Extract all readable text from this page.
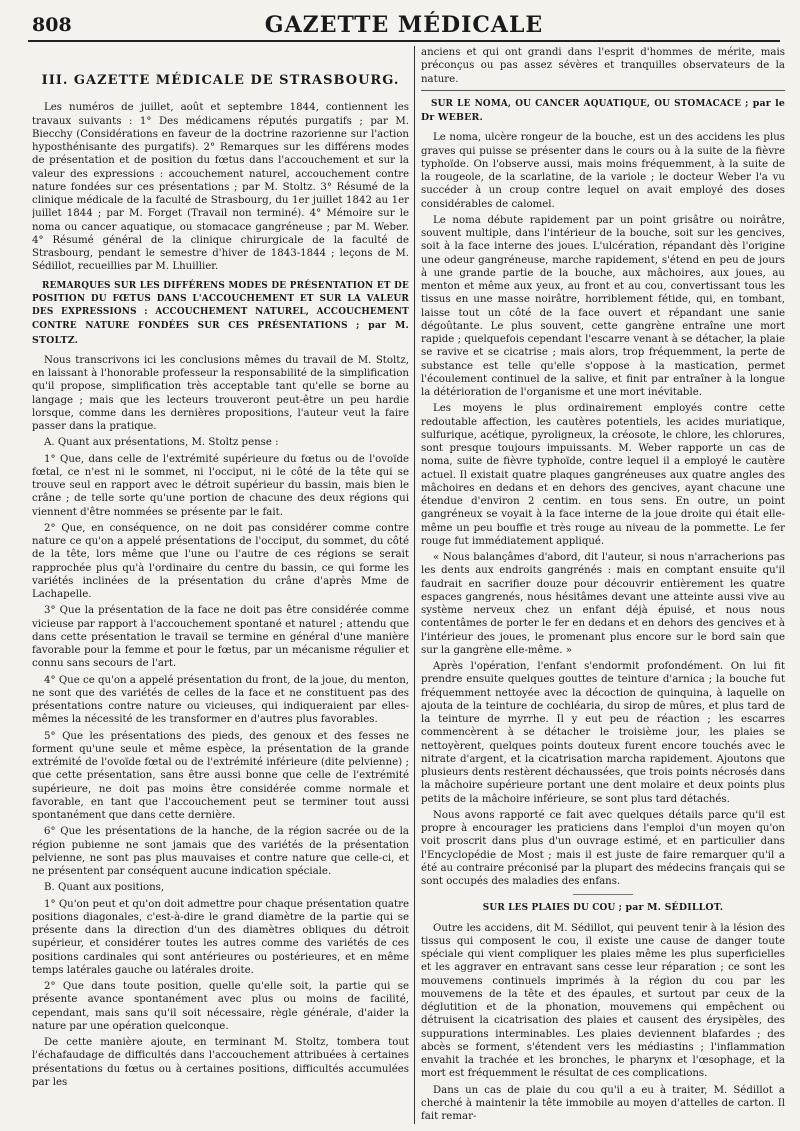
808	GAZETTE MÉDICALE
III. GAZETTE MÉDICALE DE STRASBOURG.

Les numéros de juillet, août et septembre 1844, contiennent les travaux suivants : 1° Des médicamens réputés purgatifs ; par M. Biecchy (Considérations en faveur de la doctrine razorienne sur l'action hyposthénisante des purgatifs). 2° Remarques sur les différens modes de présentation et de position du fœtus dans l'accouchement et sur la valeur des expressions : accouchement naturel, accouchement contre nature fondées sur ces présentations ; par M. Stoltz. 3° Résumé de la clinique médicale de la faculté de Strasbourg, du 1er juillet 1842 au 1er juillet 1844 ; par M. Forget (Travail non terminé). 4° Mémoire sur le noma ou cancer aquatique, ou stomacace gangréneuse ; par M. Weber. 4° Résumé général de la clinique chirurgicale de la faculté de Strasbourg, pendant le semestre d'hiver de 1843-1844 ; leçons de M. Sédillot, recueillies par M. Lhuillier.

REMARQUES SUR LES DIFFÉRENS MODES DE PRÉSENTATION ET DE POSITION DU FŒTUS DANS L'ACCOUCHEMENT ET SUR LA VALEUR DES EXPRESSIONS : ACCOUCHEMENT NATUREL, ACCOUCHEMENT CONTRE NATURE FONDÉES SUR CES PRÉSENTATIONS ; par M. STOLTZ.

Nous transcrivons ici les conclusions mêmes du travail de M. Stoltz, en laissant à l'honorable professeur la responsabilité de la simplification qu'il propose, simplification très acceptable tant qu'elle se borne au langage ; mais que les lecteurs trouveront peut-être un peu hardie lorsque, comme dans les dernières propositions, l'auteur veut la faire passer dans la pratique.

A. Quant aux présentations, M. Stoltz pense :

1° Que, dans celle de l'extrémité supérieure du fœtus ou de l'ovoïde fœtal, ce n'est ni le sommet, ni l'occiput, ni le côté de la tête qui se trouve seul en rapport avec le détroit supérieur du bassin, mais bien le crâne ; de telle sorte qu'une portion de chacune des deux régions qui viennent d'être nommées se présente par le fait.

2° Que, en conséquence, on ne doit pas considérer comme contre nature ce qu'on a appelé présentations de l'occiput, du sommet, du côté de la tête, lors même que l'une ou l'autre de ces régions se serait rapprochée plus qu'à l'ordinaire du centre du bassin, ce qui forme les variétés inclinées de la présentation du crâne d'après Mme de Lachapelle.

3° Que la présentation de la face ne doit pas être considérée comme vicieuse par rapport à l'accouchement spontané et naturel ; attendu que dans cette présentation le travail se termine en général d'une manière favorable pour la femme et pour le fœtus, par un mécanisme régulier et connu sans secours de l'art.

4° Que ce qu'on a appelé présentation du front, de la joue, du menton, ne sont que des variétés de celles de la face et ne constituent pas des présentations contre nature ou vicieuses, qui indiqueraient par elles-mêmes la nécessité de les transformer en d'autres plus favorables.

5° Que les présentations des pieds, des genoux et des fesses ne forment qu'une seule et même espèce, la présentation de la grande extrémité de l'ovoïde fœtal ou de l'extrémité inférieure (dite pelvienne) ; que cette présentation, sans être aussi bonne que celle de l'extrémité supérieure, ne doit pas moins être considérée comme normale et favorable, en tant que l'accouchement peut se terminer tout aussi spontanément que dans cette dernière.

6° Que les présentations de la hanche, de la région sacrée ou de la région pubienne ne sont jamais que des variétés de la présentation pelvienne, ne sont pas plus mauvaises et contre nature que celle-ci, et ne présentent par conséquent aucune indication spéciale.

B. Quant aux positions,

1° Qu'on peut et qu'on doit admettre pour chaque présentation quatre positions diagonales, c'est-à-dire le grand diamètre de la partie qui se présente dans la direction d'un des diamètres obliques du détroit supérieur, et considérer toutes les autres comme des variétés de ces positions cardinales qui sont antérieures ou postérieures, et en même temps latérales gauche ou latérales droite.

2° Que dans toute position, quelle qu'elle soit, la partie qui se présente avance spontanément avec plus ou moins de facilité, cependant, mais sans qu'il soit nécessaire, règle générale, d'aider la nature par une opération quelconque.

De cette manière ajoute, en terminant M. Stoltz, tombera tout l'échafaudage de difficultés dans l'accouchement attribuées à certaines présentations du fœtus ou à certaines positions, difficultés accumulées par les

anciens et qui ont grandi dans l'esprit d'hommes de mérite, mais préconçus ou pas assez sévères et tranquilles observateurs de la nature.

SUR LE NOMA, OU CANCER AQUATIQUE, OU STOMACACE ; par le Dr WEBER.

Le noma, ulcère rongeur de la bouche, est un des accidens les plus graves qui puisse se présenter dans le cours ou à la suite de la fièvre typhoïde. On l'observe aussi, mais moins fréquemment, à la suite de la rougeole, de la scarlatine, de la variole ; le docteur Weber l'a vu succéder à un croup contre lequel on avait employé des doses considérables de calomel.

Le noma débute rapidement par un point grisâtre ou noirâtre, souvent multiple, dans l'intérieur de la bouche, soit sur les gencives, soit à la face interne des joues. L'ulcération, répandant dès l'origine une odeur gangréneuse, marche rapidement, s'étend en peu de jours à une grande partie de la bouche, aux mâchoires, aux joues, au menton et même aux yeux, au front et au cou, convertissant tous les tissus en une masse noirâtre, horriblement fétide, qui, en tombant, laisse tout un côté de la face ouvert et répandant une sanie dégoûtante. Le plus souvent, cette gangrène entraîne une mort rapide ; quelquefois cependant l'escarre venant à se détacher, la plaie se ravive et se cicatrise ; mais alors, trop fréquemment, la perte de substance est telle qu'elle s'oppose à la mastication, permet l'écoulement continuel de la salive, et finit par entraîner à la longue la détérioration de l'organisme et une mort inévitable.

Les moyens le plus ordinairement employés contre cette redoutable affection, les cautères potentiels, les acides muriatique, sulfurique, acétique, pyroligneux, la créosote, le chlore, les chlorures, sont presque toujours impuissants. M. Weber rapporte un cas de noma, suite de fièvre typhoïde, contre lequel il a employé le cautère actuel. Il existait quatre plaques gangréneuses aux quatre angles des mâchoires en dedans et en dehors des gencives, ayant chacune une étendue d'environ 2 centim. en tous sens. En outre, un point gangréneux se voyait à la face interne de la joue droite qui était elle-même un peu bouffie et très rouge au niveau de la pommette. Le fer rouge fut immédiatement appliqué.

« Nous balançâmes d'abord, dit l'auteur, si nous n'arracherions pas les dents aux endroits gangrénés : mais en comptant ensuite qu'il faudrait en sacrifier douze pour découvrir entièrement les quatre espaces gangrenés, nous hésitâmes devant une atteinte aussi vive au système nerveux chez un enfant déjà épuisé, et nous nous contentâmes de porter le fer en dedans et en dehors des gencives et à l'intérieur des joues, le promenant plus encore sur le bord sain que sur la gangrène elle-même. »

Après l'opération, l'enfant s'endormit profondément. On lui fit prendre ensuite quelques gouttes de teinture d'arnica ; la bouche fut fréquemment nettoyée avec la décoction de quinquina, à laquelle on ajouta de la teinture de cochléaria, du sirop de mûres, et plus tard de la teinture de myrrhe. Il y eut peu de réaction ; les escarres commencèrent à se détacher le troisième jour, les plaies se nettoyèrent, quelques points douteux furent encore touchés avec le nitrate d'argent, et la cicatrisation marcha rapidement. Ajoutons que plusieurs dents restèrent déchaussées, que trois points nécrosés dans la mâchoire supérieure portant une dent molaire et deux points plus petits de la mâchoire inférieure, se sont plus tard détachés.

Nous avons rapporté ce fait avec quelques détails parce qu'il est propre à encourager les praticiens dans l'emploi d'un moyen qu'on voit proscrit dans plus d'un ouvrage estimé, et en particulier dans l'Encyclopédie de Most ; mais il est juste de faire remarquer qu'il a été au contraire préconisé par la plupart des médecins français qui se sont occupés des maladies des enfans.

SUR LES PLAIES DU COU ; par M. SÉDILLOT.

Outre les accidens, dit M. Sédillot, qui peuvent tenir à la lésion des tissus qui composent le cou, il existe une cause de danger toute spéciale qui vient compliquer les plaies même les plus superficielles et les aggraver en entravant sans cesse leur réparation ; ce sont les mouvemens continuels imprimés à la région du cou par les mouvemens de la tête et des épaules, et surtout par ceux de la déglutition et de la phonation, mouvemens qui empêchent ou détruisent la cicatrisation des plaies et causent des érysipèles, des suppurations interminables. Les plaies deviennent blafardes ; des abcès se forment, s'étendent vers les médiastins ; l'inflammation envahit la trachée et les bronches, le pharynx et l'œsophage, et la mort est fréquemment le résultat de ces complications.

Dans un cas de plaie du cou qu'il a eu à traiter, M. Sédillot a cherché à maintenir la tête immobile au moyen d'attelles de carton. Il fait remar-
